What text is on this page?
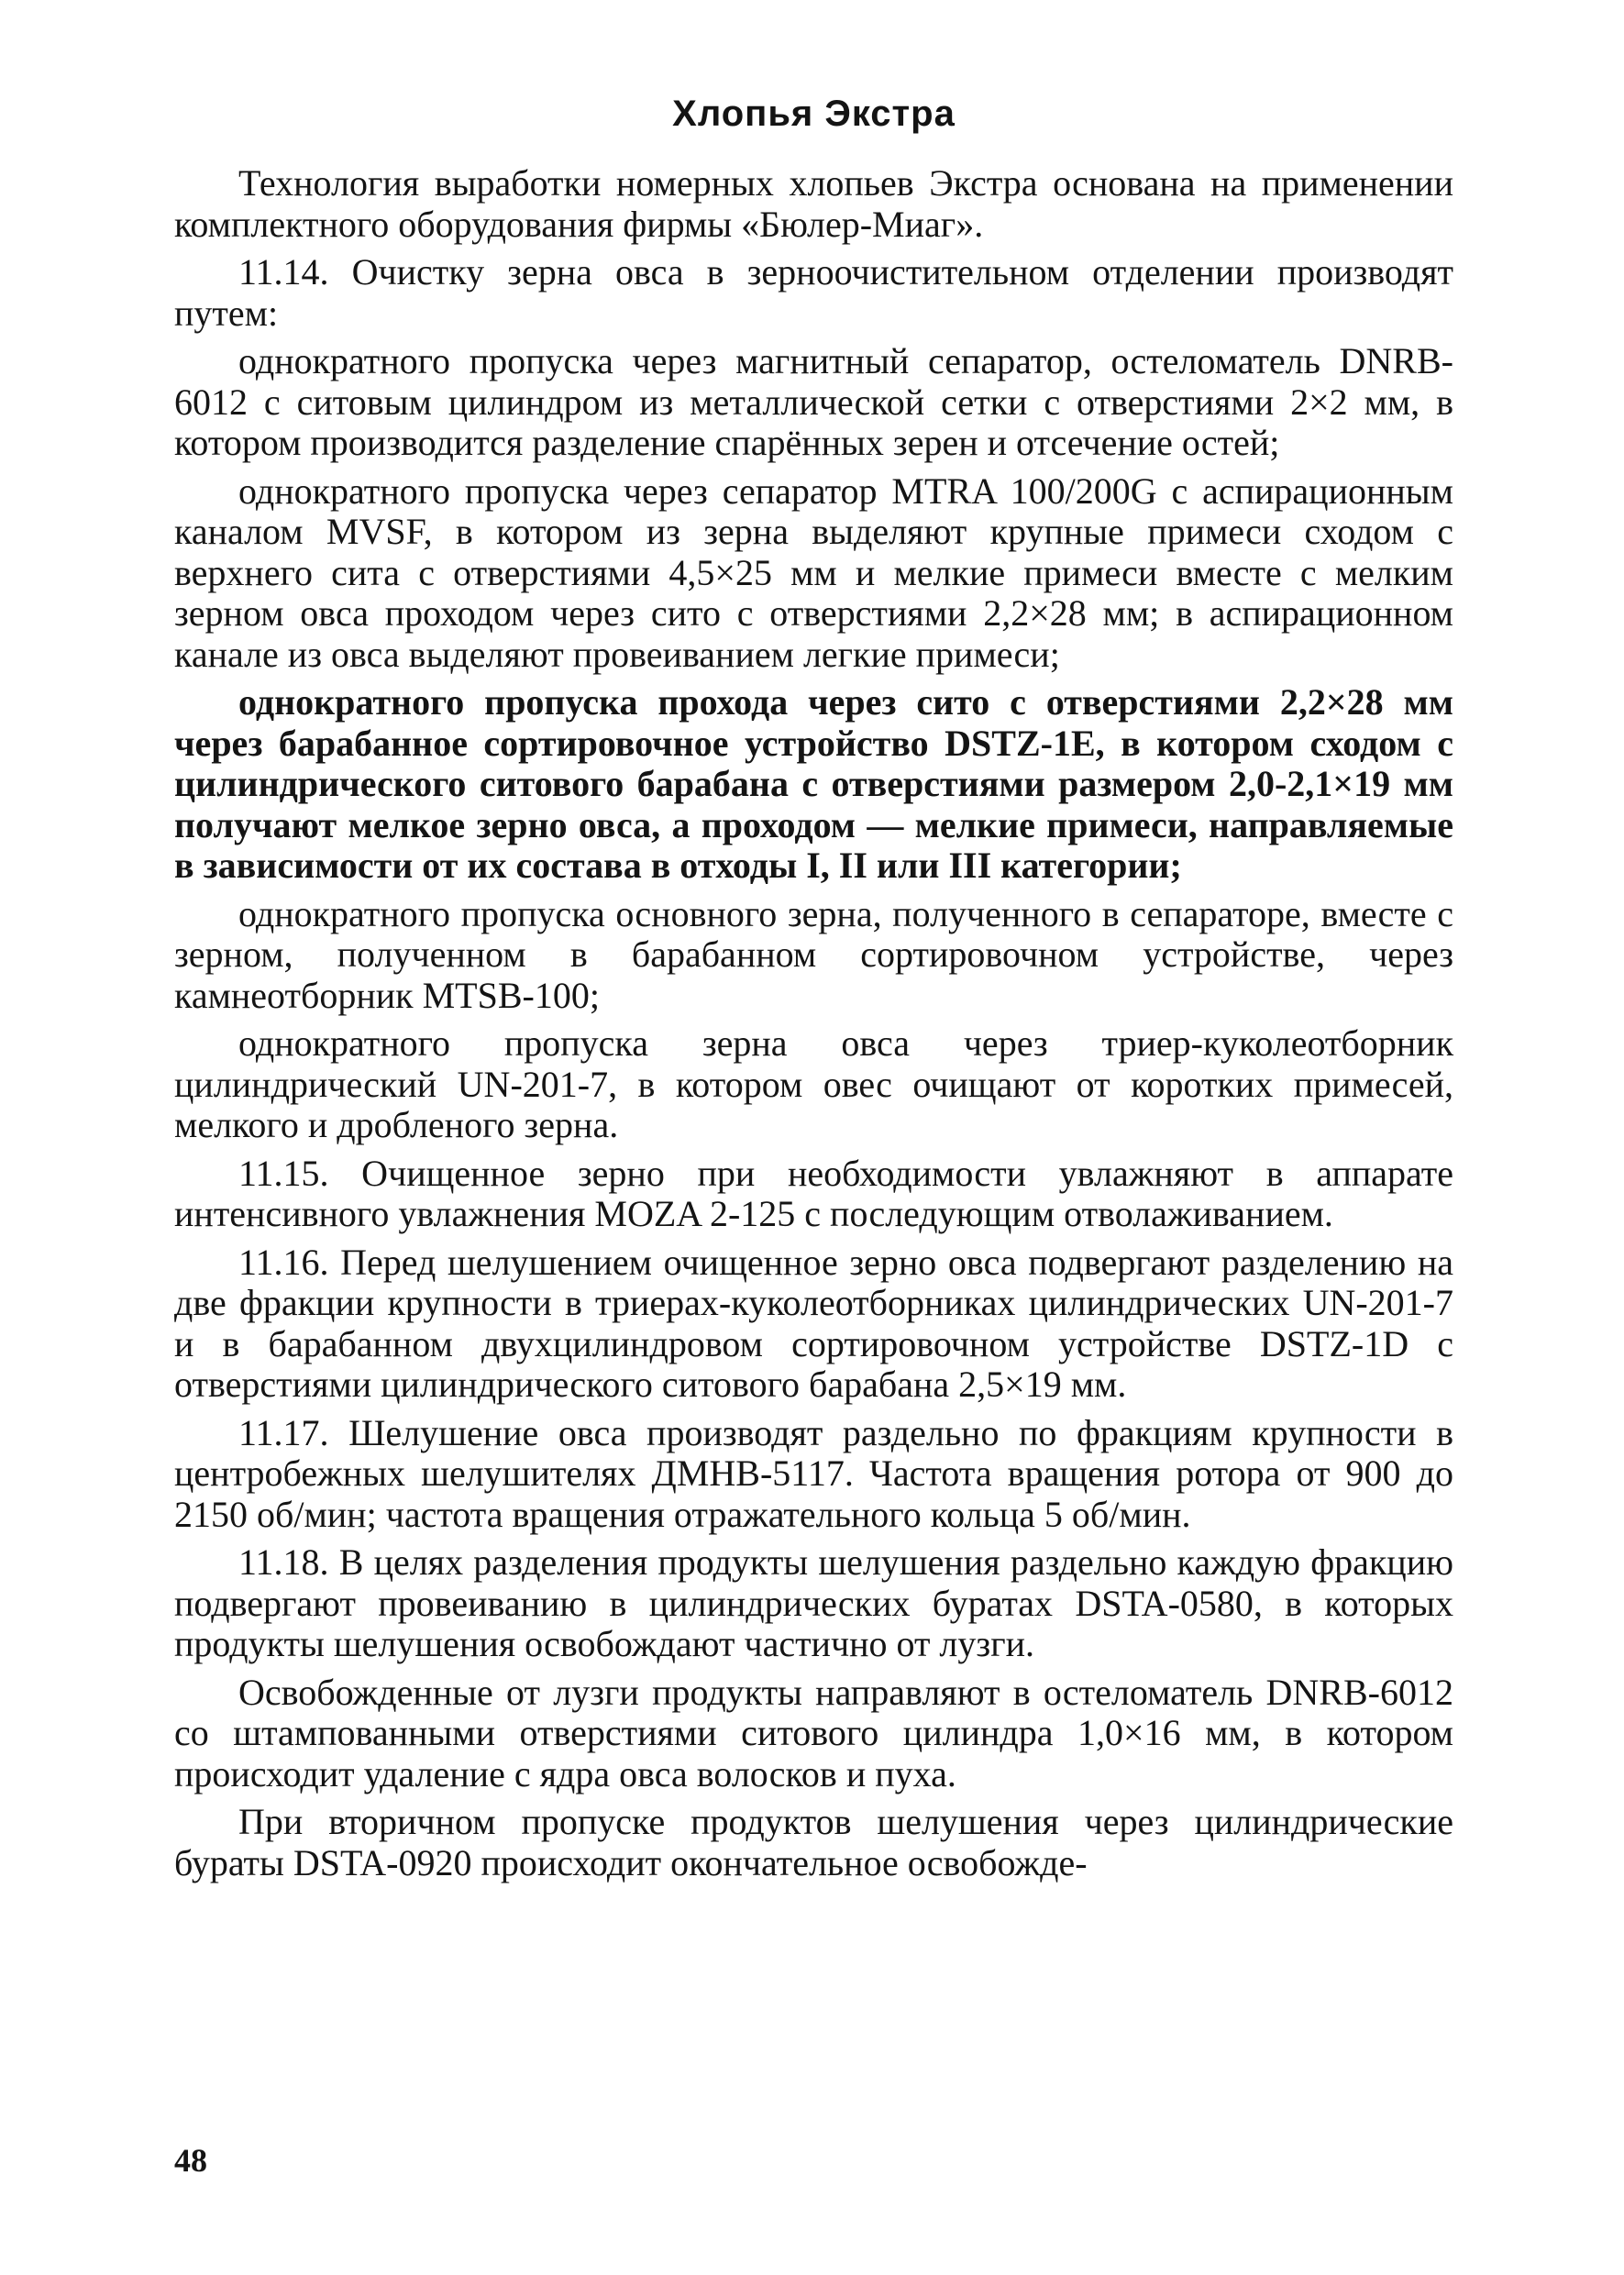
Хлопья Экстра

Технология выработки номерных хлопьев Экстра основана на применении комплектного оборудования фирмы «Бюлер-Миаг».

11.14. Очистку зерна овса в зерноочистительном отделении производят путем:

однократного пропуска через магнитный сепаратор, остеломатель DNRB-6012 с ситовым цилиндром из металлической сетки с отверстиями 2×2 мм, в котором производится разделение спарённых зерен и отсечение остей;

однократного пропуска через сепаратор MTRA 100/200G с аспирационным каналом MVSF, в котором из зерна выделяют крупные примеси сходом с верхнего сита с отверстиями 4,5×25 мм и мелкие примеси вместе с мелким зерном овса проходом через сито с отверстиями 2,2×28 мм; в аспирационном канале из овса выделяют провеиванием легкие примеси;

однократного пропуска прохода через сито с отверстиями 2,2×28 мм через барабанное сортировочное устройство DSTZ-1E, в котором сходом с цилиндрического ситового барабана с отверстиями размером 2,0-2,1×19 мм получают мелкое зерно овса, а проходом — мелкие примеси, направляемые в зависимости от их состава в отходы I, II или III категории;

однократного пропуска основного зерна, полученного в сепараторе, вместе с зерном, полученном в барабанном сортировочном устройстве, через камнеотборник MTSB-100;

однократного пропуска зерна овса через триер-куколеотборник цилиндрический UN-201-7, в котором овес очищают от коротких примесей, мелкого и дробленого зерна.

11.15. Очищенное зерно при необходимости увлажняют в аппарате интенсивного увлажнения MOZA 2-125 с последующим отволаживанием.

11.16. Перед шелушением очищенное зерно овса подвергают разделению на две фракции крупности в триерах-куколеотборниках цилиндрических UN-201-7 и в барабанном двухцилиндровом сортировочном устройстве DSTZ-1D с отверстиями цилиндрического ситового барабана 2,5×19 мм.

11.17. Шелушение овса производят раздельно по фракциям крупности в центробежных шелушителях ДМНВ-5117. Частота вращения ротора от 900 до 2150 об/мин; частота вращения отражательного кольца 5 об/мин.

11.18. В целях разделения продукты шелушения раздельно каждую фракцию подвергают провеиванию в цилиндрических буратах DSTA-0580, в которых продукты шелушения освобождают частично от лузги.

Освобожденные от лузги продукты направляют в остеломатель DNRB-6012 со штампованными отверстиями ситового цилиндра 1,0×16 мм, в котором происходит удаление с ядра овса волосков и пуха.

При вторичном пропуске продуктов шелушения через цилиндрические бураты DSTA-0920 происходит окончательное освобожде-

48
